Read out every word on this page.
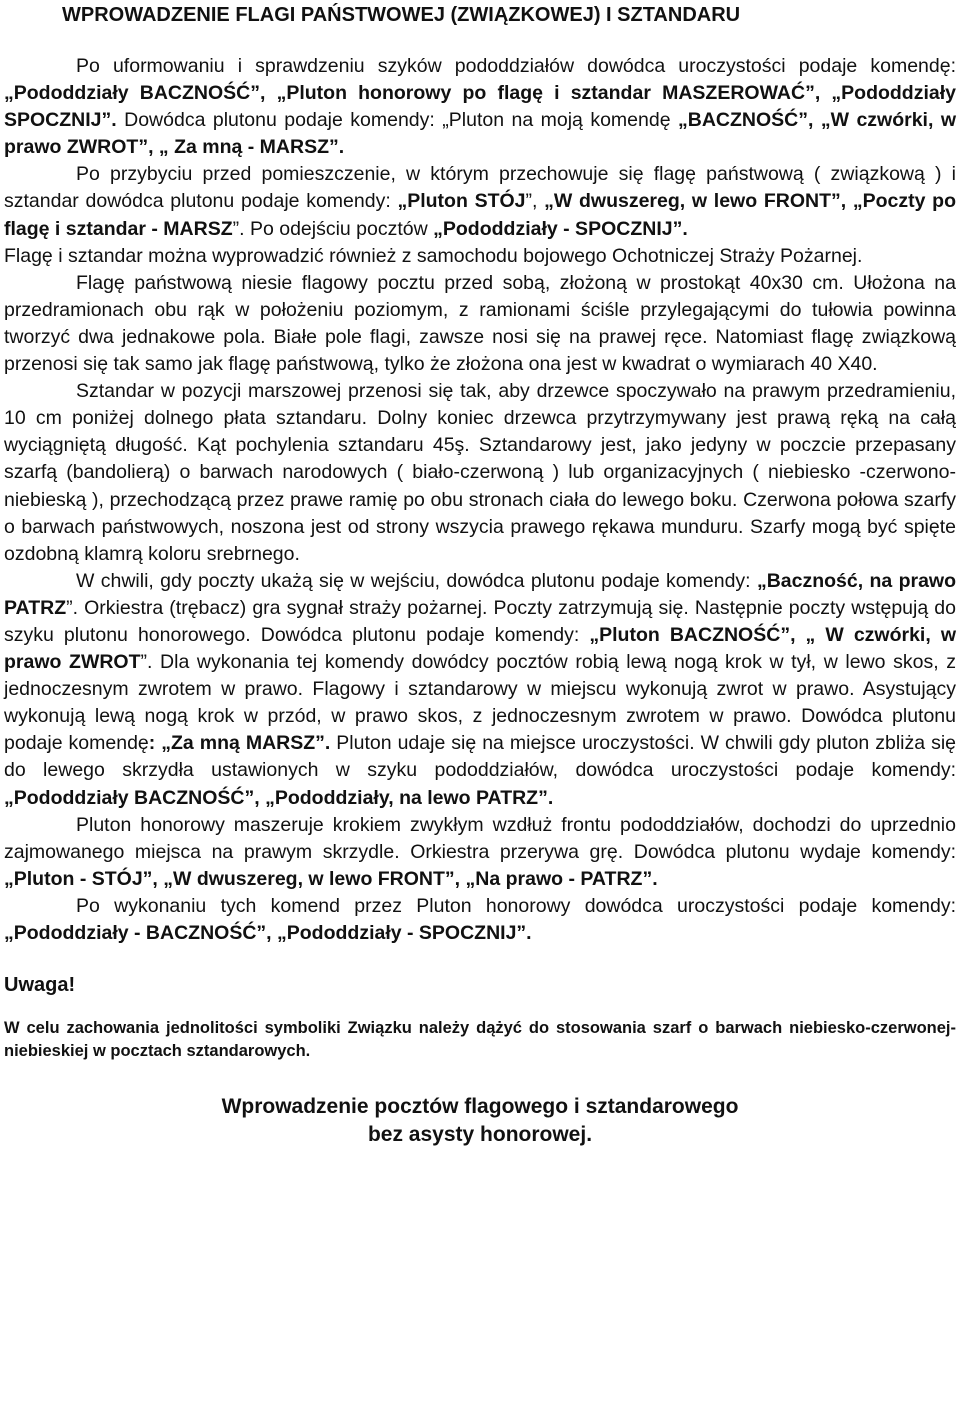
WPROWADZENIE FLAGI PAŃSTWOWEJ (ZWIĄZKOWEJ) I SZTANDARU

Po uformowaniu i sprawdzeniu szyków pododdziałów dowódca uroczystości podaje komendę: „Pododdziały BACZNOŚĆ”, „Pluton honorowy po flagę i sztandar MASZEROWAĆ”, „Pododdziały SPOCZNIJ”. Dowódca plutonu podaje komendy: „Pluton na moją komendę „BACZNOŚĆ”, „W czwórki, w prawo ZWROT”, „ Za mną - MARSZ”.

Po przybyciu przed pomieszczenie, w którym przechowuje się flagę państwową ( związkową ) i sztandar dowódca plutonu podaje komendy: „Pluton STÓJ”, „W dwuszereg, w lewo FRONT”, „Poczty po flagę i sztandar - MARSZ”. Po odejściu pocztów „Pododdziały - SPOCZNIJ”.

Flagę i sztandar można wyprowadzić również z samochodu bojowego Ochotniczej Straży Pożarnej.

Flagę państwową niesie flagowy pocztu przed sobą, złożoną w prostokąt 40x30 cm. Ułożona na przedramionach obu rąk w położeniu poziomym, z ramionami ściśle przylegającymi do tułowia powinna tworzyć dwa jednakowe pola. Białe pole flagi, zawsze nosi się na prawej ręce. Natomiast flagę związkową przenosi się tak samo jak flagę państwową, tylko że złożona ona jest w kwadrat o wymiarach 40 X40.

Sztandar w pozycji marszowej przenosi się tak, aby drzewce spoczywało na prawym przedramieniu, 10 cm poniżej dolnego płata sztandaru. Dolny koniec drzewca przytrzymywany jest prawą ręką na całą wyciągniętą długość. Kąt pochylenia sztandaru 45ş. Sztandarowy jest, jako jedyny w poczcie przepasany szarfą (bandolierą) o barwach narodowych ( biało-czerwoną ) lub organizacyjnych ( niebiesko -czerwono-niebieską ), przechodzącą przez prawe ramię po obu stronach ciała do lewego boku. Czerwona połowa szarfy o barwach państwowych, noszona jest od strony wszycia prawego rękawa munduru. Szarfy mogą być spięte ozdobną klamrą koloru srebrnego.

W chwili, gdy poczty ukażą się w wejściu, dowódca plutonu podaje komendy: „Baczność, na prawo PATRZ”. Orkiestra (trębacz) gra sygnał straży pożarnej. Poczty zatrzymują się. Następnie poczty wstępują do szyku plutonu honorowego. Dowódca plutonu podaje komendy: „Pluton BACZNOŚĆ”, „ W czwórki, w prawo ZWROT”. Dla wykonania tej komendy dowódcy pocztów robią lewą nogą krok w tył, w lewo skos, z jednoczesnym zwrotem w prawo. Flagowy i sztandarowy w miejscu wykonują zwrot w prawo. Asystujący wykonują lewą nogą krok w przód, w prawo skos, z jednoczesnym zwrotem w prawo. Dowódca plutonu podaje komendę: „Za mną MARSZ”. Pluton udaje się na miejsce uroczystości. W chwili gdy pluton zbliża się do lewego skrzydła ustawionych w szyku pododdziałów, dowódca uroczystości podaje komendy: „Pododdziały BACZNOŚĆ”, „Pododdziały, na lewo PATRZ”.

Pluton honorowy maszeruje krokiem zwykłym wzdłuż frontu pododdziałów, dochodzi do uprzednio zajmowanego miejsca na prawym skrzydle. Orkiestra przerywa grę. Dowódca plutonu wydaje komendy: „Pluton - STÓJ”, „W dwuszereg, w lewo FRONT”, „Na prawo - PATRZ”.

Po wykonaniu tych komend przez Pluton honorowy dowódca uroczystości podaje komendy: „Pododdziały - BACZNOŚĆ”, „Pododdziały - SPOCZNIJ”.

Uwaga!

W celu zachowania jednolitości symboliki Związku należy dążyć do stosowania szarf o barwach niebiesko-czerwonej-niebieskiej w pocztach sztandarowych.

Wprowadzenie pocztów flagowego i sztandarowego
bez asysty honorowej.
